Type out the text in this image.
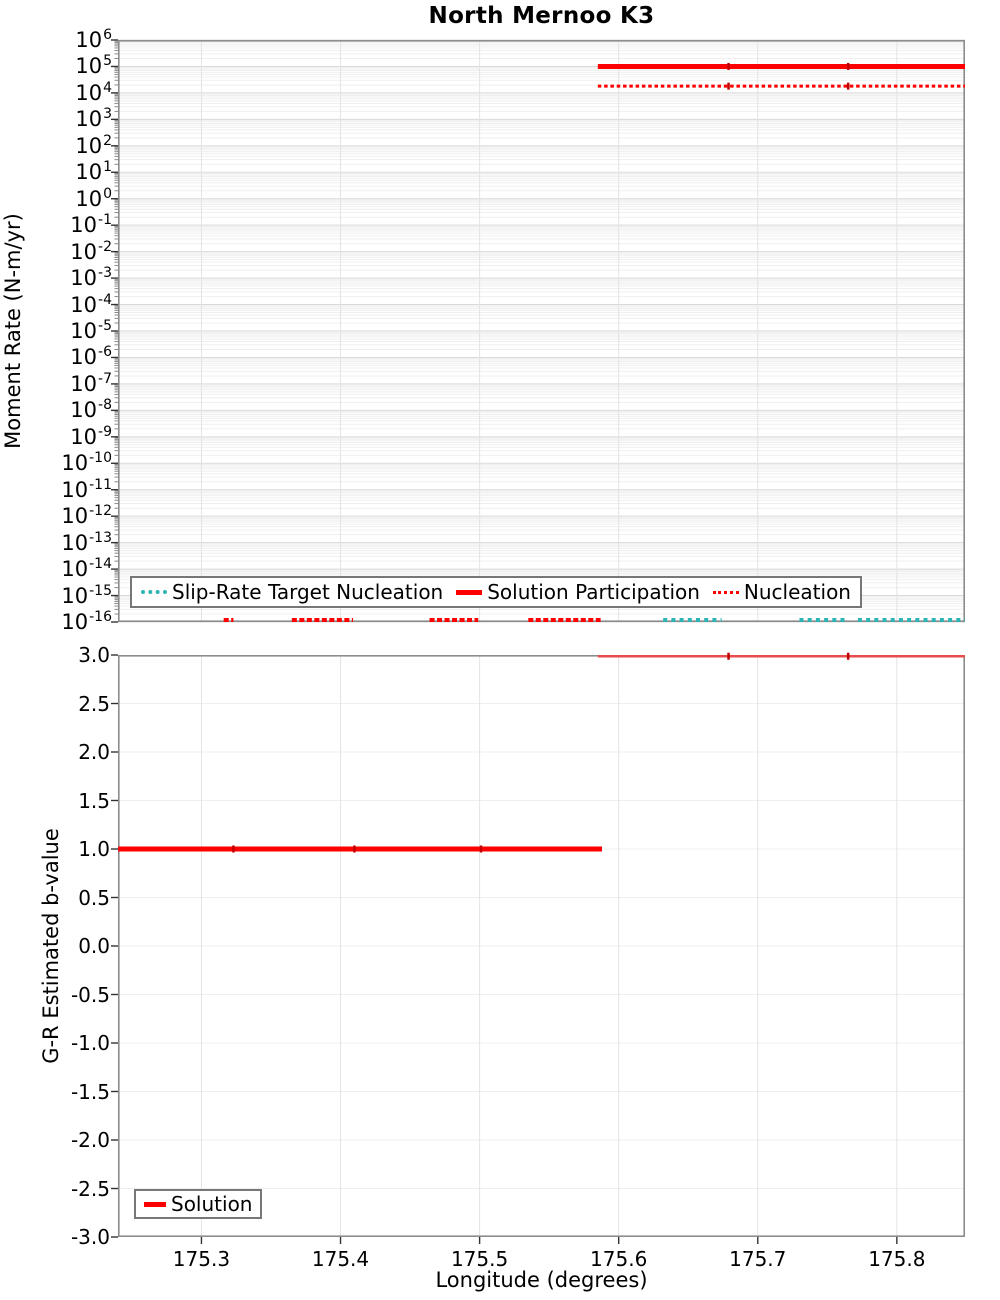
North Mernoo K3
Moment Rate (N-m/yr)
G-R Estimated b-value
Slip-Rate Target Nucleation Solution Participation Nucleation
Solution
Longitude (degrees)
$10^6$
$10^5$
$10^4$
$10^3$
$10^2$
$10^1$
$10^0$
$10^{-1}$
$10^{-2}$
$10^{-3}$
$10^{-4}$
$10^{-5}$
$10^{-6}$
$10^{-7}$
$10^{-8}$
$10^{-9}$
$10^{-10}$
$10^{-11}$
$10^{-12}$
$10^{-13}$
$10^{-14}$
$10^{-15}$
$10^{-16}$
3.0
2.5
2.0
1.5
1.0
0.5
0.0
-0.5
-1.0
-1.5
-2.0
-2.5
-3.0
175.3	175.4	175.5	175.6	175.7	175.8
